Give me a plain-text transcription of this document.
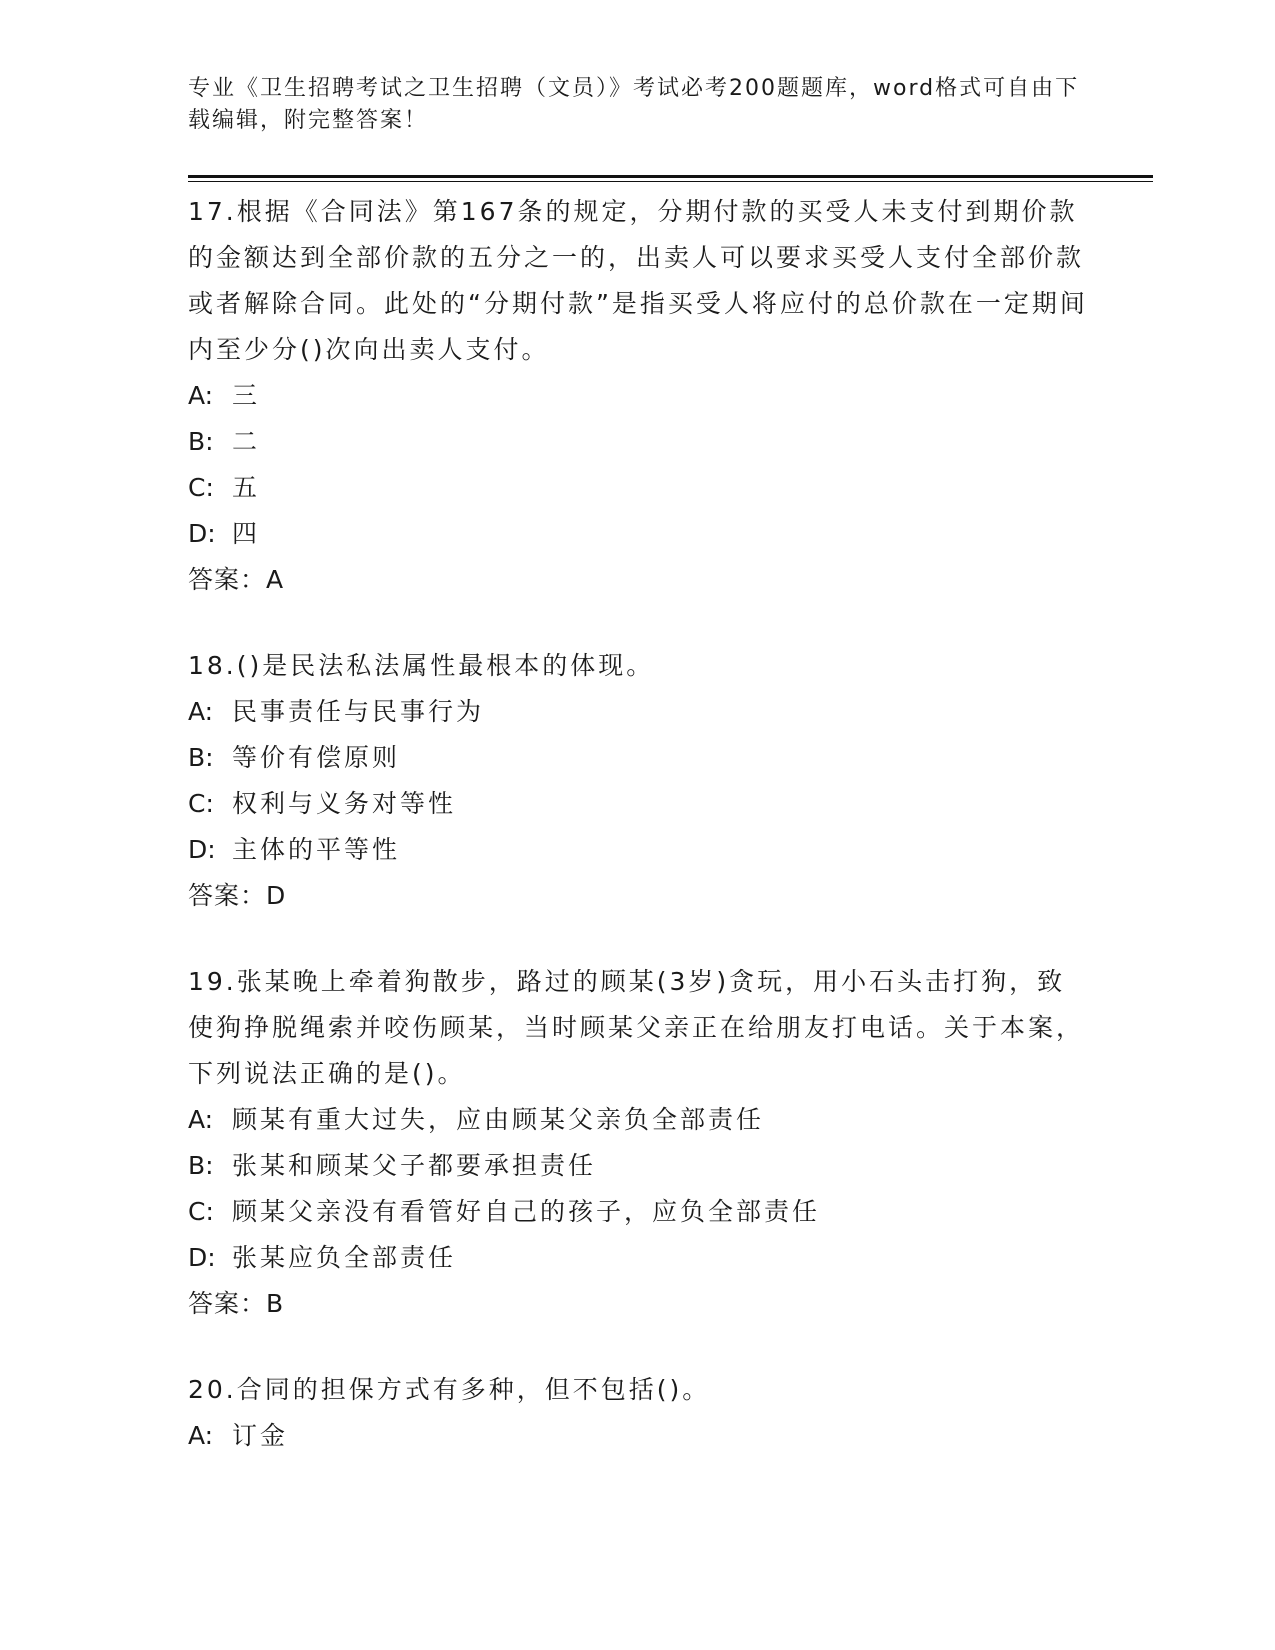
专业《卫生招聘考试之卫生招聘（文员）》考试必考200题题库，word格式可自由下载编辑，附完整答案！
17.根据《合同法》第167条的规定，分期付款的买受人未支付到期价款的金额达到全部价款的五分之一的，出卖人可以要求买受人支付全部价款或者解除合同。此处的“分期付款”是指买受人将应付的总价款在一定期间内至少分()次向出卖人支付。
A: 三
B: 二
C: 五
D: 四
答案：A
18.()是民法私法属性最根本的体现。
A: 民事责任与民事行为
B: 等价有偿原则
C: 权利与义务对等性
D: 主体的平等性
答案：D
19.张某晚上牵着狗散步，路过的顾某(3岁)贪玩，用小石头击打狗，致使狗挣脱绳索并咬伤顾某，当时顾某父亲正在给朋友打电话。关于本案，下列说法正确的是()。
A: 顾某有重大过失，应由顾某父亲负全部责任
B: 张某和顾某父子都要承担责任
C: 顾某父亲没有看管好自己的孩子，应负全部责任
D: 张某应负全部责任
答案：B
20.合同的担保方式有多种，但不包括()。
A: 订金
